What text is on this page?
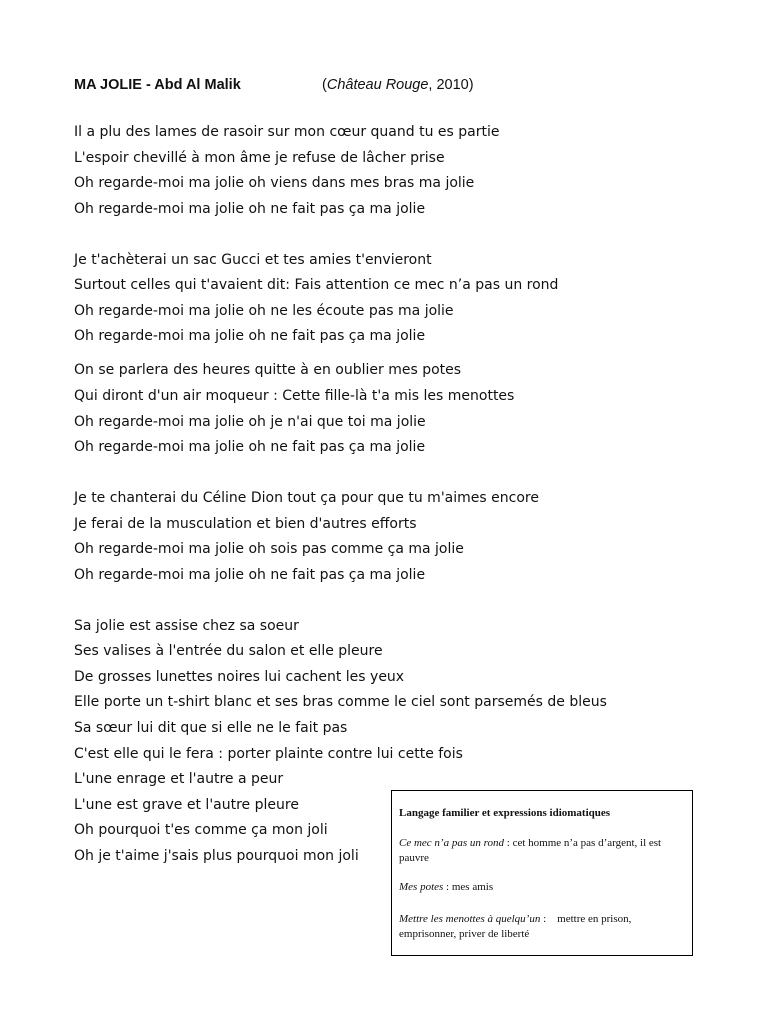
MA JOLIE - Abd Al Malik	(Château Rouge, 2010)
Il a plu des lames de rasoir sur mon cœur quand tu es partie
L'espoir chevillé à mon âme je refuse de lâcher prise
Oh regarde-moi ma jolie oh viens dans mes bras ma jolie
Oh regarde-moi ma jolie oh ne fait pas ça ma jolie
Je t'achèterai un sac Gucci et tes amies t'envieront
Surtout celles qui t'avaient dit: Fais attention ce mec n’a pas un rond
Oh regarde-moi ma jolie oh ne les écoute pas ma jolie
Oh regarde-moi ma jolie oh ne fait pas ça ma jolie
On se parlera des heures quitte à en oublier mes potes
Qui diront d'un air moqueur : Cette fille-là t'a mis les menottes
Oh regarde-moi ma jolie oh je n'ai que toi ma jolie
Oh regarde-moi ma jolie oh ne fait pas ça ma jolie
Je te chanterai du Céline Dion tout ça pour que tu m'aimes encore
Je ferai de la musculation et bien d'autres efforts
Oh regarde-moi ma jolie oh sois pas comme ça ma jolie
Oh regarde-moi ma jolie oh ne fait pas ça ma jolie
Sa jolie est assise chez sa soeur
Ses valises à l'entrée du salon et elle pleure
De grosses lunettes noires lui cachent les yeux
Elle porte un t-shirt blanc et ses bras comme le ciel sont parsemés de bleus
Sa sœur lui dit que si elle ne le fait pas
C'est elle qui le fera : porter plainte contre lui cette fois
L'une enrage et l'autre a peur
L'une est grave et l'autre pleure
Oh pourquoi t'es comme ça mon joli
Oh je t'aime j'sais plus pourquoi mon joli
Langage familier et expressions idiomatiques
Ce mec n’a pas un rond : cet homme n’a pas d’argent, il est pauvre
Mes potes : mes amis
Mettre les menottes à quelqu’un :    mettre en prison, emprisonner, priver de liberté
